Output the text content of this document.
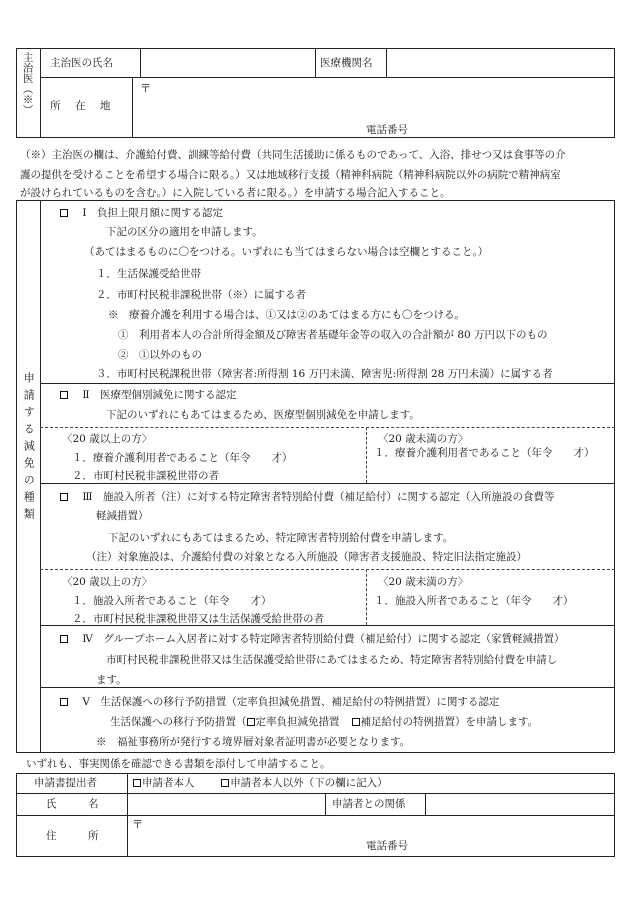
主治医（※） 主治医の氏名	医療機関名
所　在　地
〒
電話番号
（※）主治医の欄は、介護給付費、訓練等給付費（共同生活援助に係るものであって、入浴、排せつ又は食事等の介
護の提供を受けることを希望する場合に限る。）又は地域移行支援（精神科病院（精神科病院以外の病院で精神病室
が設けられているものを含む。）に入院している者に限る。）を申請する場合記入すること。
申請する減免の種類
Ⅰ　負担上限月額に関する認定
下記の区分の適用を申請します。
（あてはまるものに〇をつける。いずれにも当てはまらない場合は空欄とすること。）
１．生活保護受給世帯
２．市町村民税非課税世帯（※）に属する者
※　療養介護を利用する場合は、①又は②のあてはまる方にも〇をつける。
①　利用者本人の合計所得金額及び障害者基礎年金等の収入の合計額が 80 万円以下のもの
②　①以外のもの
３．市町村民税課税世帯（障害者:所得割 16 万円未満、障害児:所得割 28 万円未満）に属する者
Ⅱ　医療型個別減免に関する認定
下記のいずれにもあてはまるため、医療型個別減免を申請します。
〈20 歳以上の方〉
１．療養介護利用者であること（年令　　才）
２．市町村民税非課税世帯の者
〈20 歳未満の方〉
１．療養介護利用者であること（年令　　才）
Ⅲ　施設入所者（注）に対する特定障害者特別給付費（補足給付）に関する認定（入所施設の食費等
軽減措置）
下記のいずれにもあてはまるため、特定障害者特別給付費を申請します。
（注）対象施設は、介護給付費の対象となる入所施設（障害者支援施設、特定旧法指定施設）
〈20 歳以上の方〉
１．施設入所者であること（年令　　才）
２．市町村民税非課税世帯又は生活保護受給世帯の者
〈20 歳未満の方〉
１．施設入所者であること（年令　　才）
Ⅳ　グループホーム入居者に対する特定障害者特別給付費（補足給付）に関する認定（家賃軽減措置）
市町村民税非課税世帯又は生活保護受給世帯にあてはまるため、特定障害者特別給付費を申請し
ます。
Ⅴ　生活保護への移行予防措置（定率負担減免措置、補足給付の特例措置）に関する認定
生活保護への移行予防措置（ 定率負担減免措置 補足給付の特例措置）を申請します。
※　福祉事務所が発行する境界層対象者証明書が必要となります。
いずれも、事実関係を確認できる書類を添付して申請すること。
申請書提出者	申請者本人	申請者本人以外（下の欄に記入）
氏　　　名	申請者との関係
住　　　所
〒
電話番号
